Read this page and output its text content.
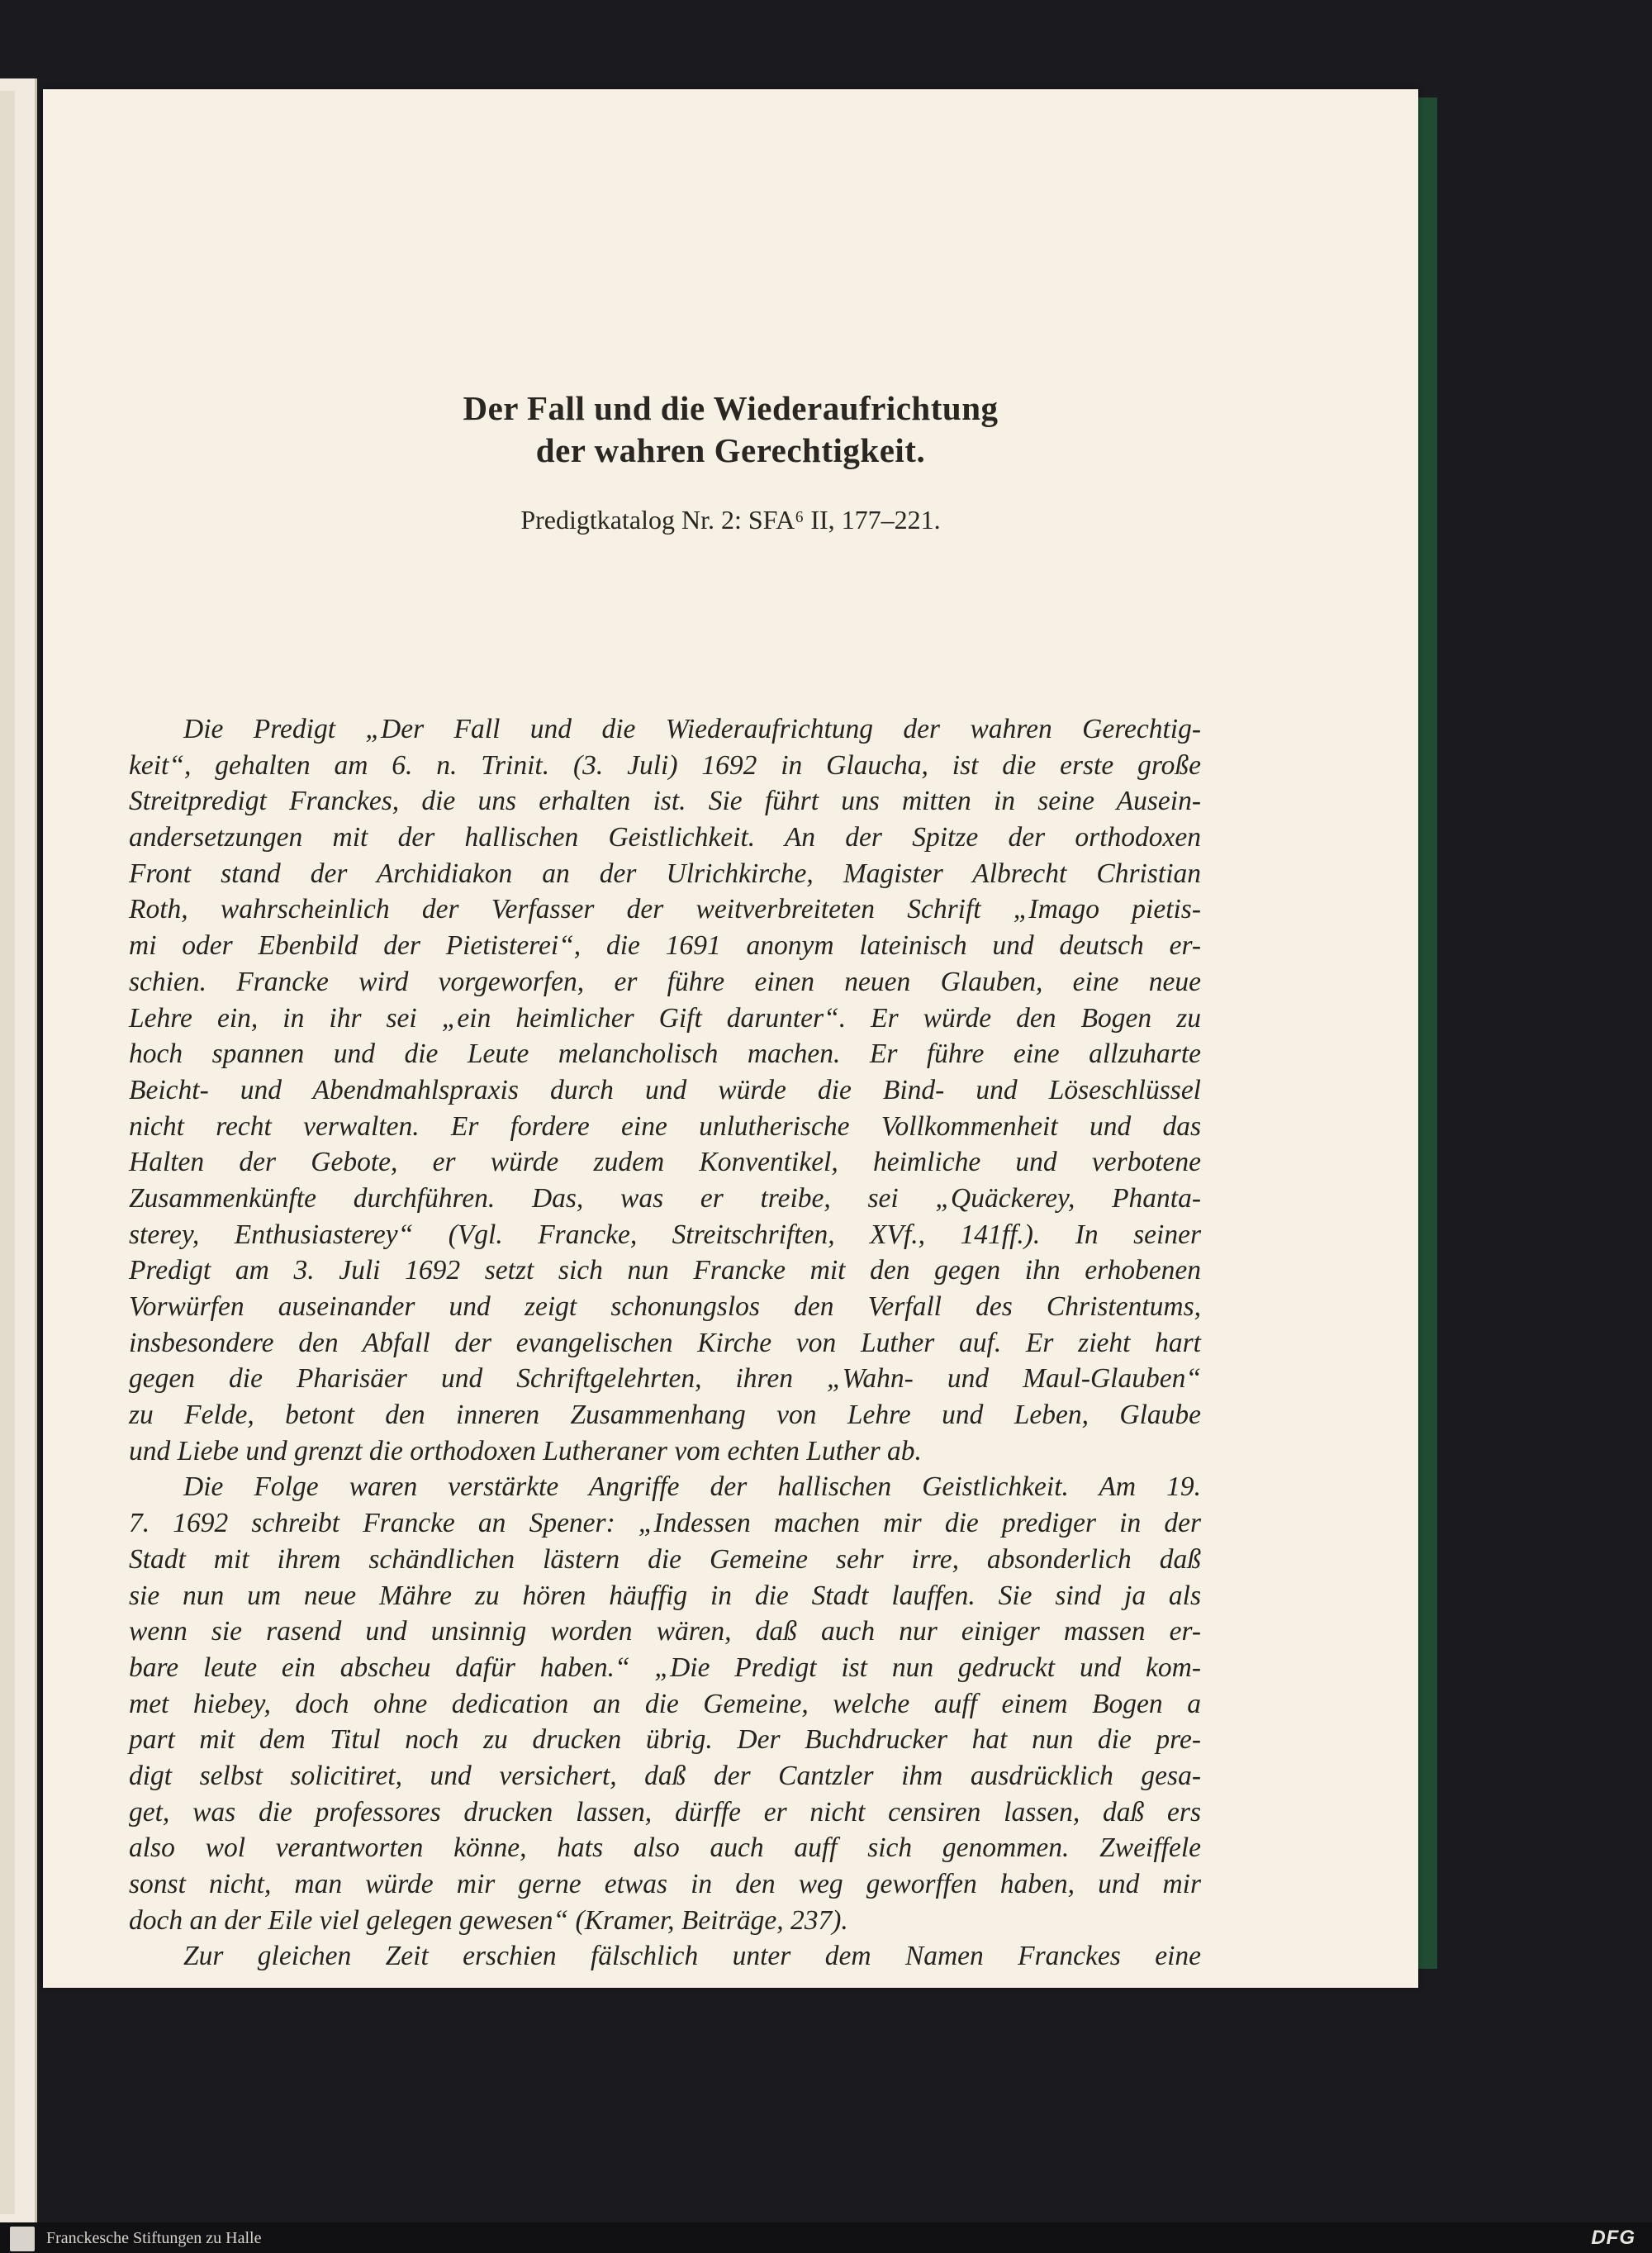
Der Fall und die Wiederaufrichtung
der wahren Gerechtigkeit.

Predigtkatalog Nr. 2: SFA⁶ II, 177–221.

Die Predigt „Der Fall und die Wiederaufrichtung der wahren Gerechtig-
keit“, gehalten am 6. n. Trinit. (3. Juli) 1692 in Glaucha, ist die erste große
Streitpredigt Franckes, die uns erhalten ist. Sie führt uns mitten in seine Ausein-
andersetzungen mit der hallischen Geistlichkeit. An der Spitze der orthodoxen
Front stand der Archidiakon an der Ulrichkirche, Magister Albrecht Christian
Roth, wahrscheinlich der Verfasser der weitverbreiteten Schrift „Imago pietis-
mi oder Ebenbild der Pietisterei“, die 1691 anonym lateinisch und deutsch er-
schien. Francke wird vorgeworfen, er führe einen neuen Glauben, eine neue
Lehre ein, in ihr sei „ein heimlicher Gift darunter“. Er würde den Bogen zu
hoch spannen und die Leute melancholisch machen. Er führe eine allzuharte
Beicht- und Abendmahlspraxis durch und würde die Bind- und Löseschlüssel
nicht recht verwalten. Er fordere eine unlutherische Vollkommenheit und das
Halten der Gebote, er würde zudem Konventikel, heimliche und verbotene
Zusammenkünfte durchführen. Das, was er treibe, sei „Quäckerey, Phanta-
sterey, Enthusiasterey“ (Vgl. Francke, Streitschriften, XVf., 141ff.). In seiner
Predigt am 3. Juli 1692 setzt sich nun Francke mit den gegen ihn erhobenen
Vorwürfen auseinander und zeigt schonungslos den Verfall des Christentums,
insbesondere den Abfall der evangelischen Kirche von Luther auf. Er zieht hart
gegen die Pharisäer und Schriftgelehrten, ihren „Wahn- und Maul-Glauben“
zu Felde, betont den inneren Zusammenhang von Lehre und Leben, Glaube
und Liebe und grenzt die orthodoxen Lutheraner vom echten Luther ab.
Die Folge waren verstärkte Angriffe der hallischen Geistlichkeit. Am 19.
7. 1692 schreibt Francke an Spener: „Indessen machen mir die prediger in der
Stadt mit ihrem schändlichen lästern die Gemeine sehr irre, absonderlich daß
sie nun um neue Mähre zu hören häuffig in die Stadt lauffen. Sie sind ja als
wenn sie rasend und unsinnig worden wären, daß auch nur einiger massen er-
bare leute ein abscheu dafür haben.“ „Die Predigt ist nun gedruckt und kom-
met hiebey, doch ohne dedication an die Gemeine, welche auff einem Bogen a
part mit dem Titul noch zu drucken übrig. Der Buchdrucker hat nun die pre-
digt selbst solicitiret, und versichert, daß der Cantzler ihm ausdrücklich gesa-
get, was die professores drucken lassen, dürffe er nicht censiren lassen, daß ers
also wol verantworten könne, hats also auch auff sich genommen. Zweiffele
sonst nicht, man würde mir gerne etwas in den weg geworffen haben, und mir
doch an der Eile viel gelegen gewesen“ (Kramer, Beiträge, 237).
Zur gleichen Zeit erschien fälschlich unter dem Namen Franckes eine
Franckesche Stiftungen zu Halle	DFG
